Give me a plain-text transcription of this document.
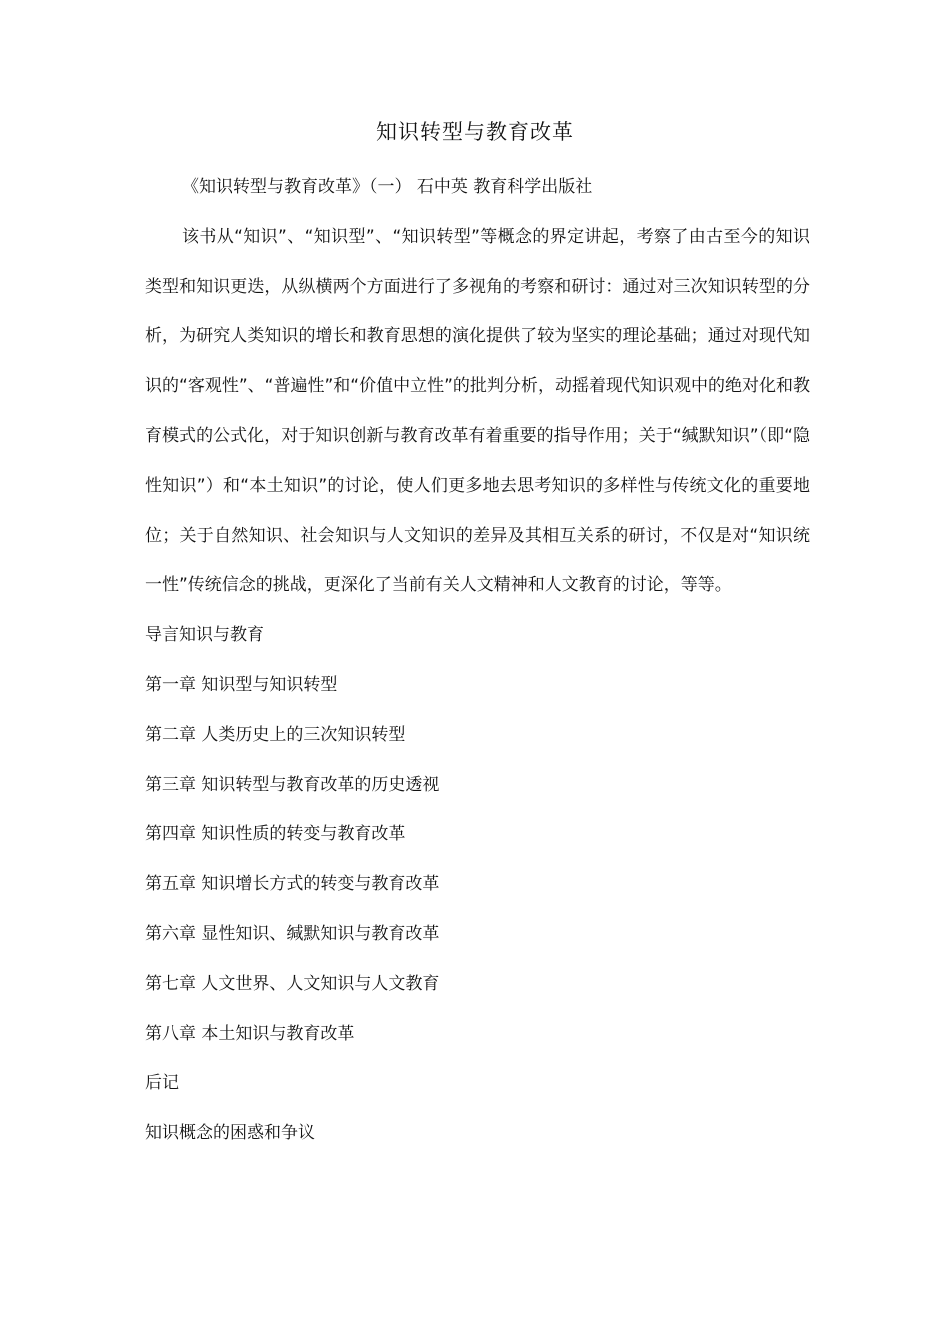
知识转型与教育改革

《知识转型与教育改革》（一） 石中英 教育科学出版社

该书从“知识”、“知识型”、“知识转型”等概念的界定讲起，考察了由古至今的知识类型和知识更迭，从纵横两个方面进行了多视角的考察和研讨：通过对三次知识转型的分析，为研究人类知识的增长和教育思想的演化提供了较为坚实的理论基础；通过对现代知识的“客观性”、“普遍性”和“价值中立性”的批判分析，动摇着现代知识观中的绝对化和教育模式的公式化，对于知识创新与教育改革有着重要的指导作用；关于“缄默知识”（即“隐性知识”）和“本土知识”的讨论，使人们更多地去思考知识的多样性与传统文化的重要地位；关于自然知识、社会知识与人文知识的差异及其相互关系的研讨，不仅是对“知识统一性”传统信念的挑战，更深化了当前有关人文精神和人文教育的讨论，等等。

导言知识与教育

第一章 知识型与知识转型

第二章 人类历史上的三次知识转型

第三章 知识转型与教育改革的历史透视

第四章 知识性质的转变与教育改革

第五章 知识增长方式的转变与教育改革

第六章 显性知识、缄默知识与教育改革

第七章 人文世界、人文知识与人文教育

第八章 本土知识与教育改革

后记

知识概念的困惑和争议
